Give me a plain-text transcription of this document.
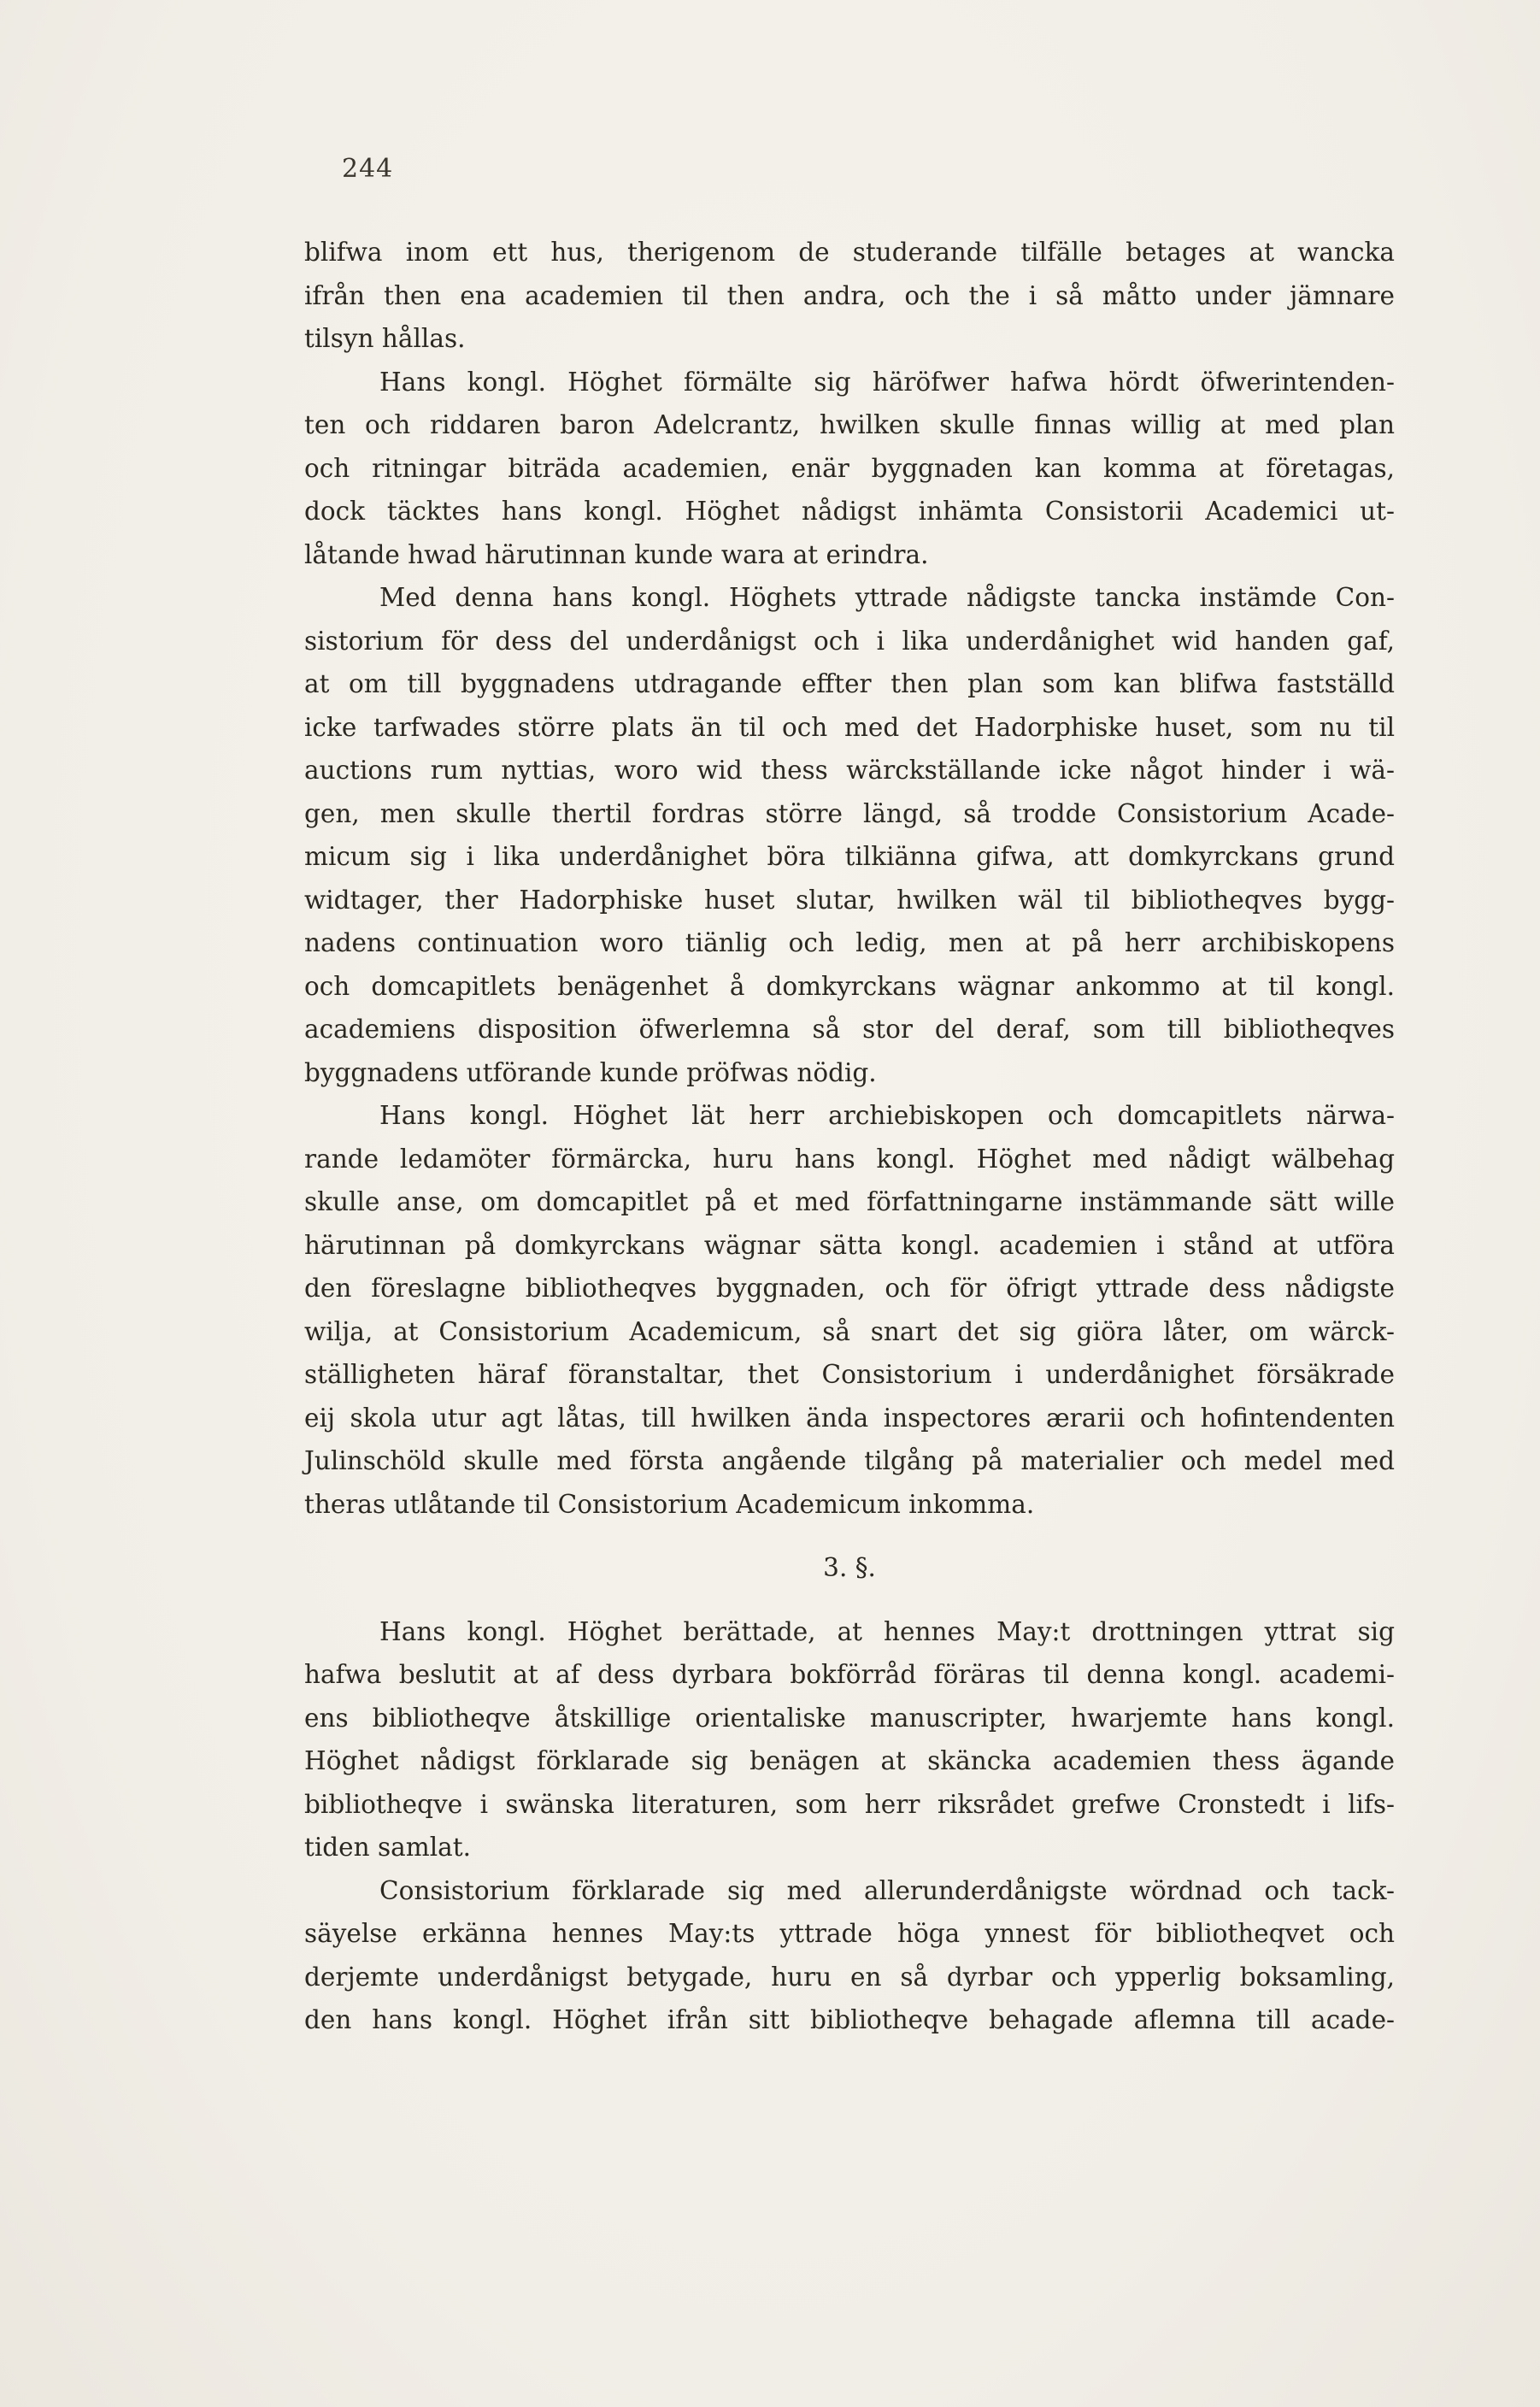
244
blifwa inom ett hus, therigenom de studerande tilfälle betages at wancka
ifrån then ena academien til then andra, och the i så måtto under jämnare
tilsyn hållas.
Hans kongl. Höghet förmälte sig häröfwer hafwa hördt öfwerintenden-
ten och riddaren baron Adelcrantz, hwilken skulle finnas willig at med plan
och ritningar biträda academien, enär byggnaden kan komma at företagas,
dock täcktes hans kongl. Höghet nådigst inhämta Consistorii Academici ut-
låtande hwad härutinnan kunde wara at erindra.
Med denna hans kongl. Höghets yttrade nådigste tancka instämde Con-
sistorium för dess del underdånigst och i lika underdånighet wid handen gaf,
at om till byggnadens utdragande effter then plan som kan blifwa fastställd
icke tarfwades större plats än til och med det Hadorphiske huset, som nu til
auctions rum nyttias, woro wid thess wärckställande icke något hinder i wä-
gen, men skulle thertil fordras större längd, så trodde Consistorium Acade-
micum sig i lika underdånighet böra tilkiänna gifwa, att domkyrckans grund
widtager, ther Hadorphiske huset slutar, hwilken wäl til bibliotheqves bygg-
nadens continuation woro tiänlig och ledig, men at på herr archibiskopens
och domcapitlets benägenhet å domkyrckans wägnar ankommo at til kongl.
academiens disposition öfwerlemna så stor del deraf, som till bibliotheqves
byggnadens utförande kunde pröfwas nödig.
Hans kongl. Höghet lät herr archiebiskopen och domcapitlets närwa-
rande ledamöter förmärcka, huru hans kongl. Höghet med nådigt wälbehag
skulle anse, om domcapitlet på et med författningarne instämmande sätt wille
härutinnan på domkyrckans wägnar sätta kongl. academien i stånd at utföra
den föreslagne bibliotheqves byggnaden, och för öfrigt yttrade dess nådigste
wilja, at Consistorium Academicum, så snart det sig giöra låter, om wärck-
ställigheten häraf föranstaltar, thet Consistorium i underdånighet försäkrade
eij skola utur agt låtas, till hwilken ända inspectores ærarii och hofintendenten
Julinschöld skulle med första angående tilgång på materialier och medel med
theras utlåtande til Consistorium Academicum inkomma.
3. §.
Hans kongl. Höghet berättade, at hennes May:t drottningen yttrat sig
hafwa beslutit at af dess dyrbara bokförråd föräras til denna kongl. academi-
ens bibliotheqve åtskillige orientaliske manuscripter, hwarjemte hans kongl.
Höghet nådigst förklarade sig benägen at skäncka academien thess ägande
bibliotheqve i swänska literaturen, som herr riksrådet grefwe Cronstedt i lifs-
tiden samlat.
Consistorium förklarade sig med allerunderdånigste wördnad och tack-
säyelse erkänna hennes May:ts yttrade höga ynnest för bibliotheqvet och
derjemte underdånigst betygade, huru en så dyrbar och ypperlig boksamling,
den hans kongl. Höghet ifrån sitt bibliotheqve behagade aflemna till acade-
